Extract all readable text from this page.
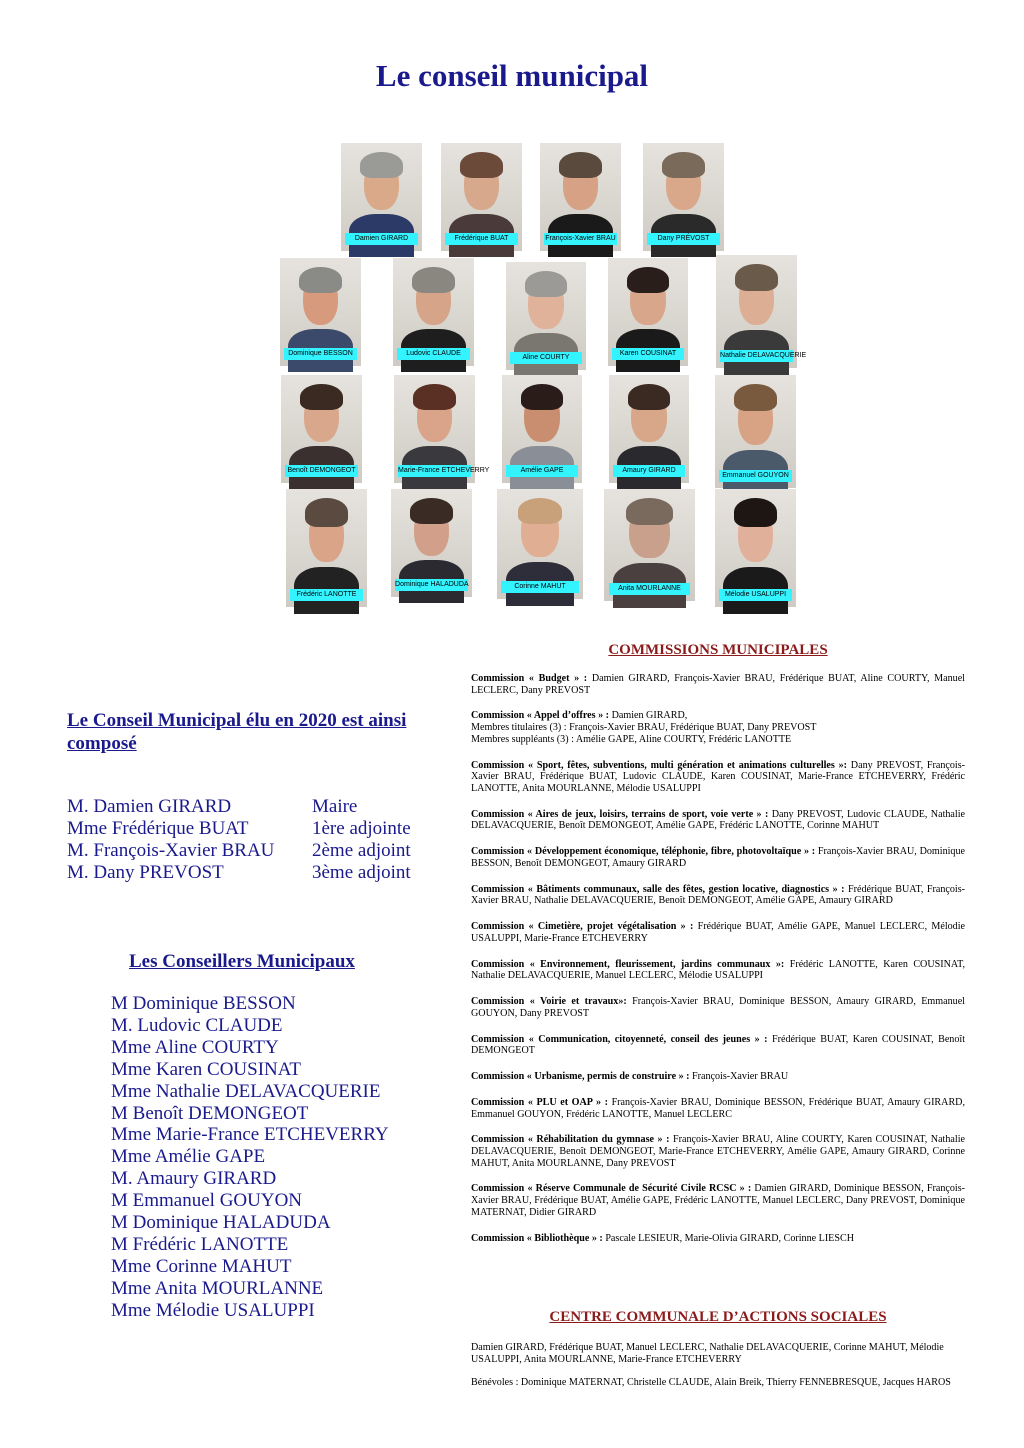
Le conseil municipal
Damien GIRARD	Frédérique BUAT	François-Xavier BRAU	Dany PRÉVOST
Dominique BESSON	Ludovic CLAUDE
Aline COURTY
Karen COUSINAT	Nathalie DELAVACQUERIE
Benoît DEMONGEOT	Marie-France ETCHEVERRY	Amélie GAPE	Amaury GIRARD
Emmanuel GOUYON
Frédéric LANOTTE
Dominique HALADUDA	Corinne MAHUT	Anita MOURLANNE
Mélodie USALUPPI
Le Conseil Municipal élu en 2020 est ainsi composé
M. Damien GIRARD	Maire
Mme Frédérique BUAT	1ère adjointe
M. François-Xavier BRAU	2ème adjoint
M. Dany PREVOST	3ème adjoint
Les Conseillers Municipaux
M Dominique BESSON
M. Ludovic CLAUDE
Mme Aline COURTY
Mme Karen COUSINAT
Mme Nathalie DELAVACQUERIE
M Benoît DEMONGEOT
Mme Marie-France ETCHEVERRY
Mme Amélie GAPE
M. Amaury GIRARD
M Emmanuel GOUYON
M Dominique HALADUDA
M Frédéric LANOTTE
Mme Corinne MAHUT
Mme Anita MOURLANNE
Mme Mélodie USALUPPI
COMMISSIONS MUNICIPALES

Commission « Budget » : Damien GIRARD, François-Xavier BRAU, Frédérique BUAT, Aline COURTY, Manuel LECLERC, Dany PREVOST

Commission « Appel d’offres » : Damien GIRARD,
Membres titulaires (3) : François-Xavier BRAU, Frédérique BUAT, Dany PREVOST
Membres suppléants (3) : Amélie GAPE, Aline COURTY, Frédéric LANOTTE

Commission « Sport, fêtes, subventions, multi génération et animations culturelles »: Dany PREVOST, François-Xavier BRAU, Frédérique BUAT, Ludovic CLAUDE, Karen COUSINAT, Marie-France ETCHEVERRY, Frédéric LANOTTE, Anita MOURLANNE, Mélodie USALUPPI

Commission « Aires de jeux, loisirs, terrains de sport, voie verte » : Dany PREVOST, Ludovic CLAUDE, Nathalie DELAVACQUERIE, Benoît DEMONGEOT, Amélie GAPE, Frédéric LANOTTE, Corinne MAHUT

Commission « Développement économique, téléphonie, fibre, photovoltaïque » : François-Xavier BRAU, Dominique BESSON, Benoît DEMONGEOT, Amaury GIRARD

Commission « Bâtiments communaux, salle des fêtes, gestion locative, diagnostics » : Frédérique BUAT, François-Xavier BRAU, Nathalie DELAVACQUERIE, Benoît DEMONGEOT, Amélie GAPE, Amaury GIRARD

Commission « Cimetière, projet végétalisation » : Frédérique BUAT, Amélie GAPE, Manuel LECLERC, Mélodie USALUPPI, Marie-France ETCHEVERRY

Commission « Environnement, fleurissement, jardins communaux »: Frédéric LANOTTE, Karen COUSINAT, Nathalie DELAVACQUERIE, Manuel LECLERC, Mélodie USALUPPI

Commission « Voirie et travaux»: François-Xavier BRAU, Dominique BESSON, Amaury GIRARD, Emmanuel GOUYON, Dany PREVOST

Commission « Communication, citoyenneté, conseil des jeunes » : Frédérique BUAT, Karen COUSINAT, Benoît DEMONGEOT

Commission « Urbanisme, permis de construire » : François-Xavier BRAU

Commission « PLU et OAP » : François-Xavier BRAU, Dominique BESSON, Frédérique BUAT, Amaury GIRARD, Emmanuel GOUYON, Frédéric LANOTTE, Manuel LECLERC

Commission « Réhabilitation du gymnase » : François-Xavier BRAU, Aline COURTY, Karen COUSINAT, Nathalie DELAVACQUERIE, Benoît DEMONGEOT, Marie-France ETCHEVERRY, Amélie GAPE, Amaury GIRARD, Corinne MAHUT, Anita MOURLANNE, Dany PREVOST

Commission « Réserve Communale de Sécurité Civile RCSC » : Damien GIRARD, Dominique BESSON, François-Xavier BRAU, Frédérique BUAT, Amélie GAPE, Frédéric LANOTTE, Manuel LECLERC, Dany PREVOST, Dominique MATERNAT, Didier GIRARD

Commission « Bibliothèque » : Pascale LESIEUR, Marie-Olivia GIRARD, Corinne LIESCH

CENTRE COMMUNALE D’ACTIONS SOCIALES

Damien GIRARD, Frédérique BUAT, Manuel LECLERC, Nathalie DELAVACQUERIE, Corinne MAHUT, Mélodie USALUPPI, Anita MOURLANNE, Marie-France ETCHEVERRY

Bénévoles : Dominique MATERNAT, Christelle CLAUDE, Alain Breik, Thierry FENNEBRESQUE, Jacques HAROS
